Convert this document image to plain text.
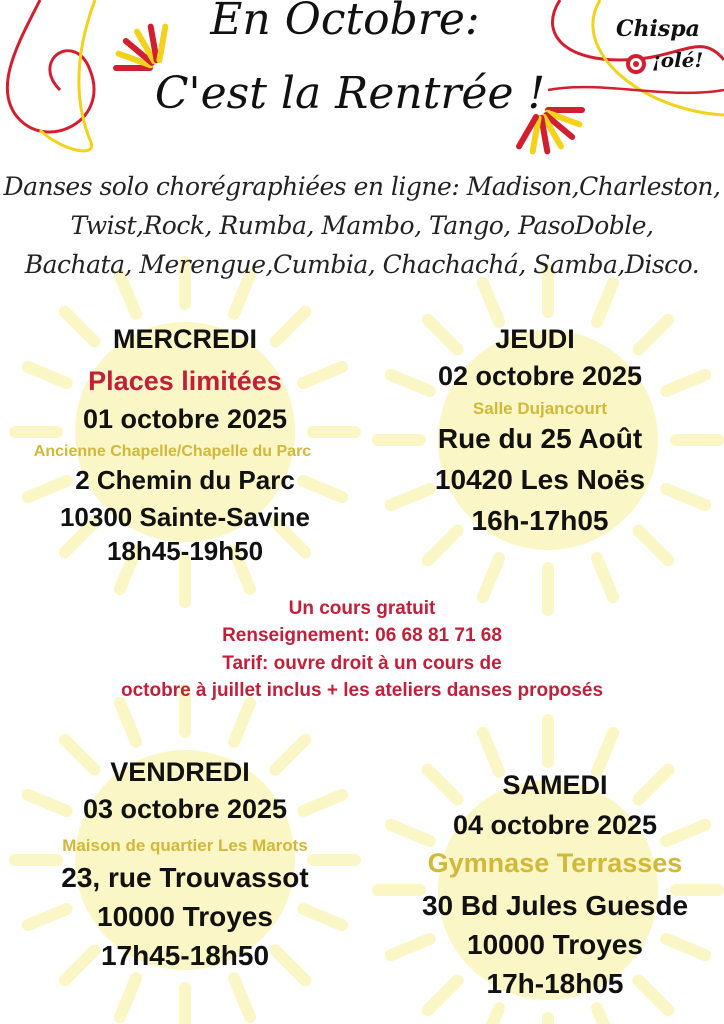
Chispa
¡olé!
En Octobre:
C'est la Rentrée !
Danses solo chorégraphiées en ligne: Madison,Charleston,
Twist,Rock, Rumba, Mambo, Tango, PasoDoble,
Bachata, Merengue,Cumbia, Chachachá, Samba,Disco.
MERCREDI
Places limitées
01 octobre 2025
Ancienne Chapelle/Chapelle du Parc
2 Chemin du Parc
10300 Sainte-Savine
18h45-19h50
JEUDI
02 octobre 2025
Salle Dujancourt
Rue du 25 Août
10420 Les Noës
16h-17h05
Un cours gratuit
Renseignement: 06 68 81 71 68
Tarif: ouvre droit à un cours de
octobre à juillet inclus + les ateliers danses proposés
VENDREDI
03 octobre 2025
Maison de quartier Les Marots
23, rue Trouvassot
10000 Troyes
17h45-18h50
SAMEDI
04 octobre 2025
Gymnase Terrasses
30 Bd Jules Guesde
10000 Troyes
17h-18h05
